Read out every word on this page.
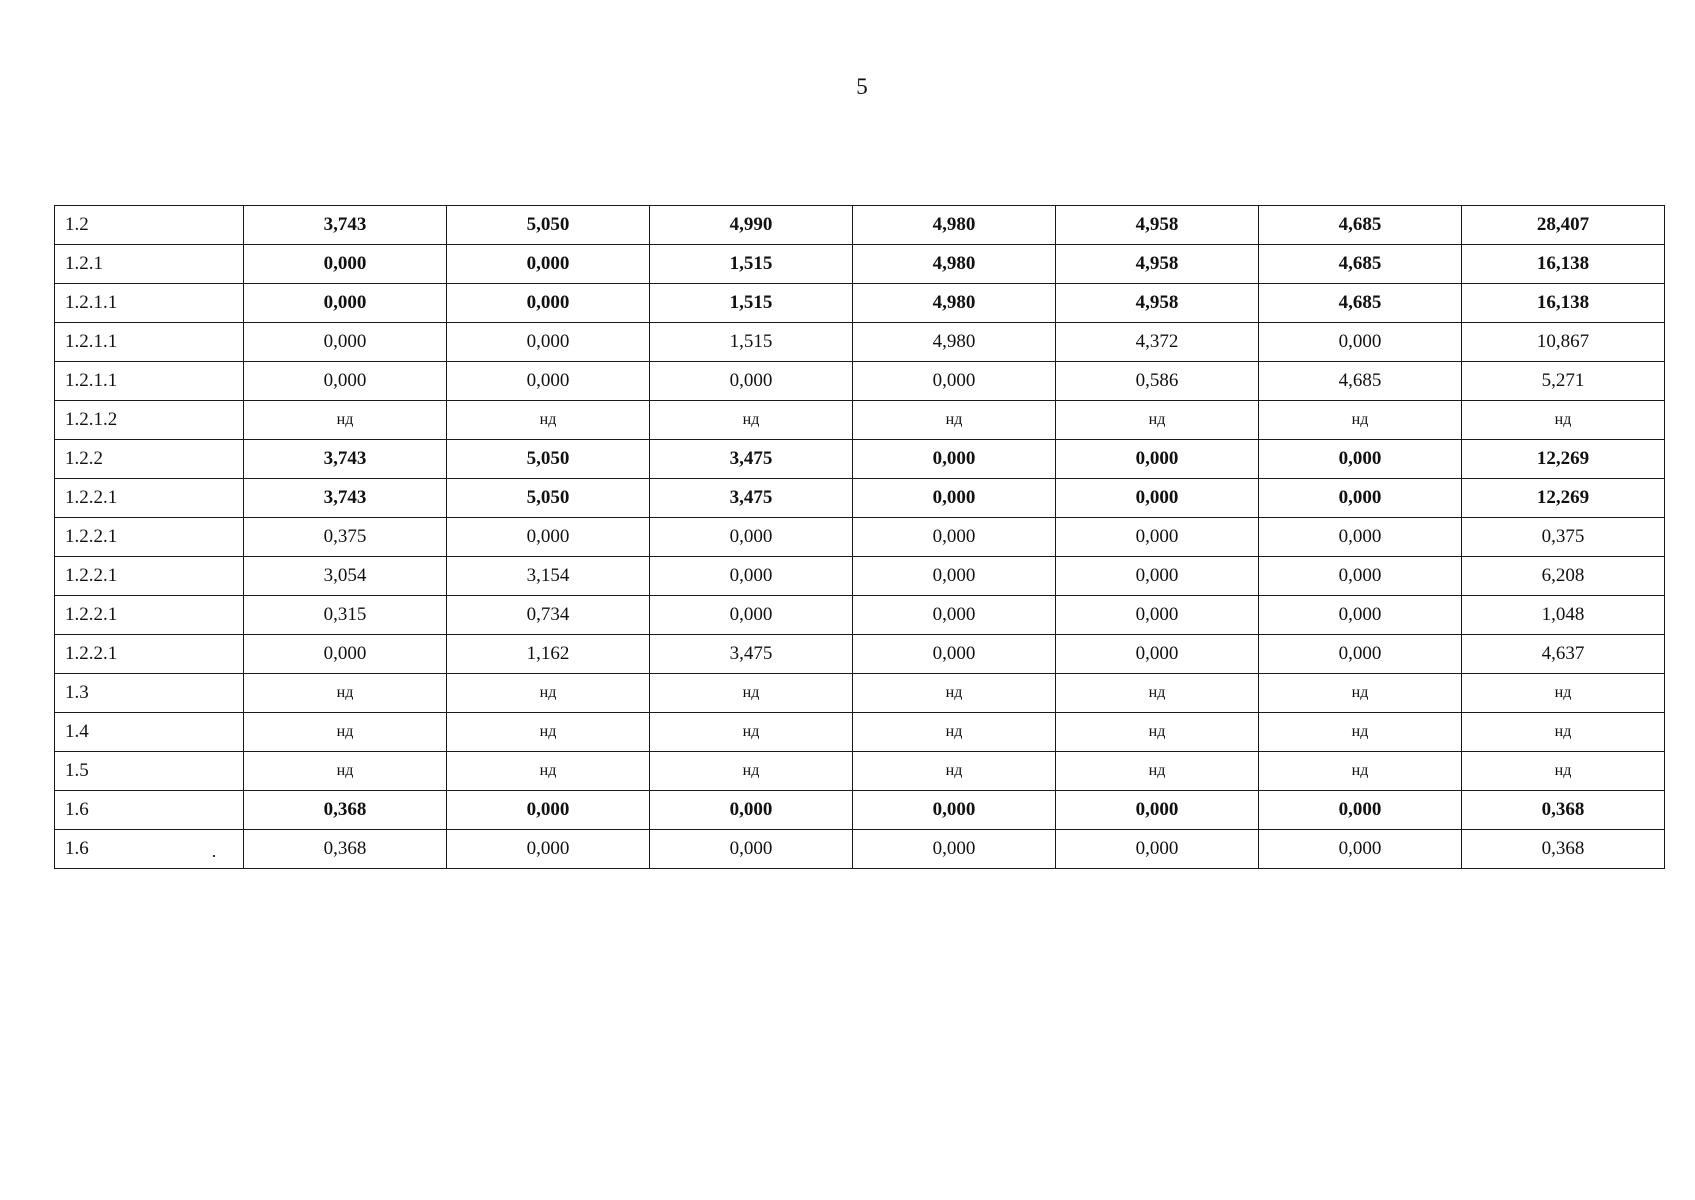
5
1.2	3,743	5,050	4,990	4,980	4,958	4,685	28,407
1.2.1	0,000	0,000	1,515	4,980	4,958	4,685	16,138
1.2.1.1	0,000	0,000	1,515	4,980	4,958	4,685	16,138
1.2.1.1	0,000	0,000	1,515	4,980	4,372	0,000	10,867
1.2.1.1	0,000	0,000	0,000	0,000	0,586	4,685	5,271
1.2.1.2	нд	нд	нд	нд	нд	нд	нд
1.2.2	3,743	5,050	3,475	0,000	0,000	0,000	12,269
1.2.2.1	3,743	5,050	3,475	0,000	0,000	0,000	12,269
1.2.2.1	0,375	0,000	0,000	0,000	0,000	0,000	0,375
1.2.2.1	3,054	3,154	0,000	0,000	0,000	0,000	6,208
1.2.2.1	0,315	0,734	0,000	0,000	0,000	0,000	1,048
1.2.2.1	0,000	1,162	3,475	0,000	0,000	0,000	4,637
1.3	нд	нд	нд	нд	нд	нд	нд
1.4	нд	нд	нд	нд	нд	нд	нд
1.5	нд	нд	нд	нд	нд	нд	нд
1.6	0,368	0,000	0,000	0,000	0,000	0,000	0,368
1.6	0,368	0,000	0,000	0,000	0,000	0,000	0,368
